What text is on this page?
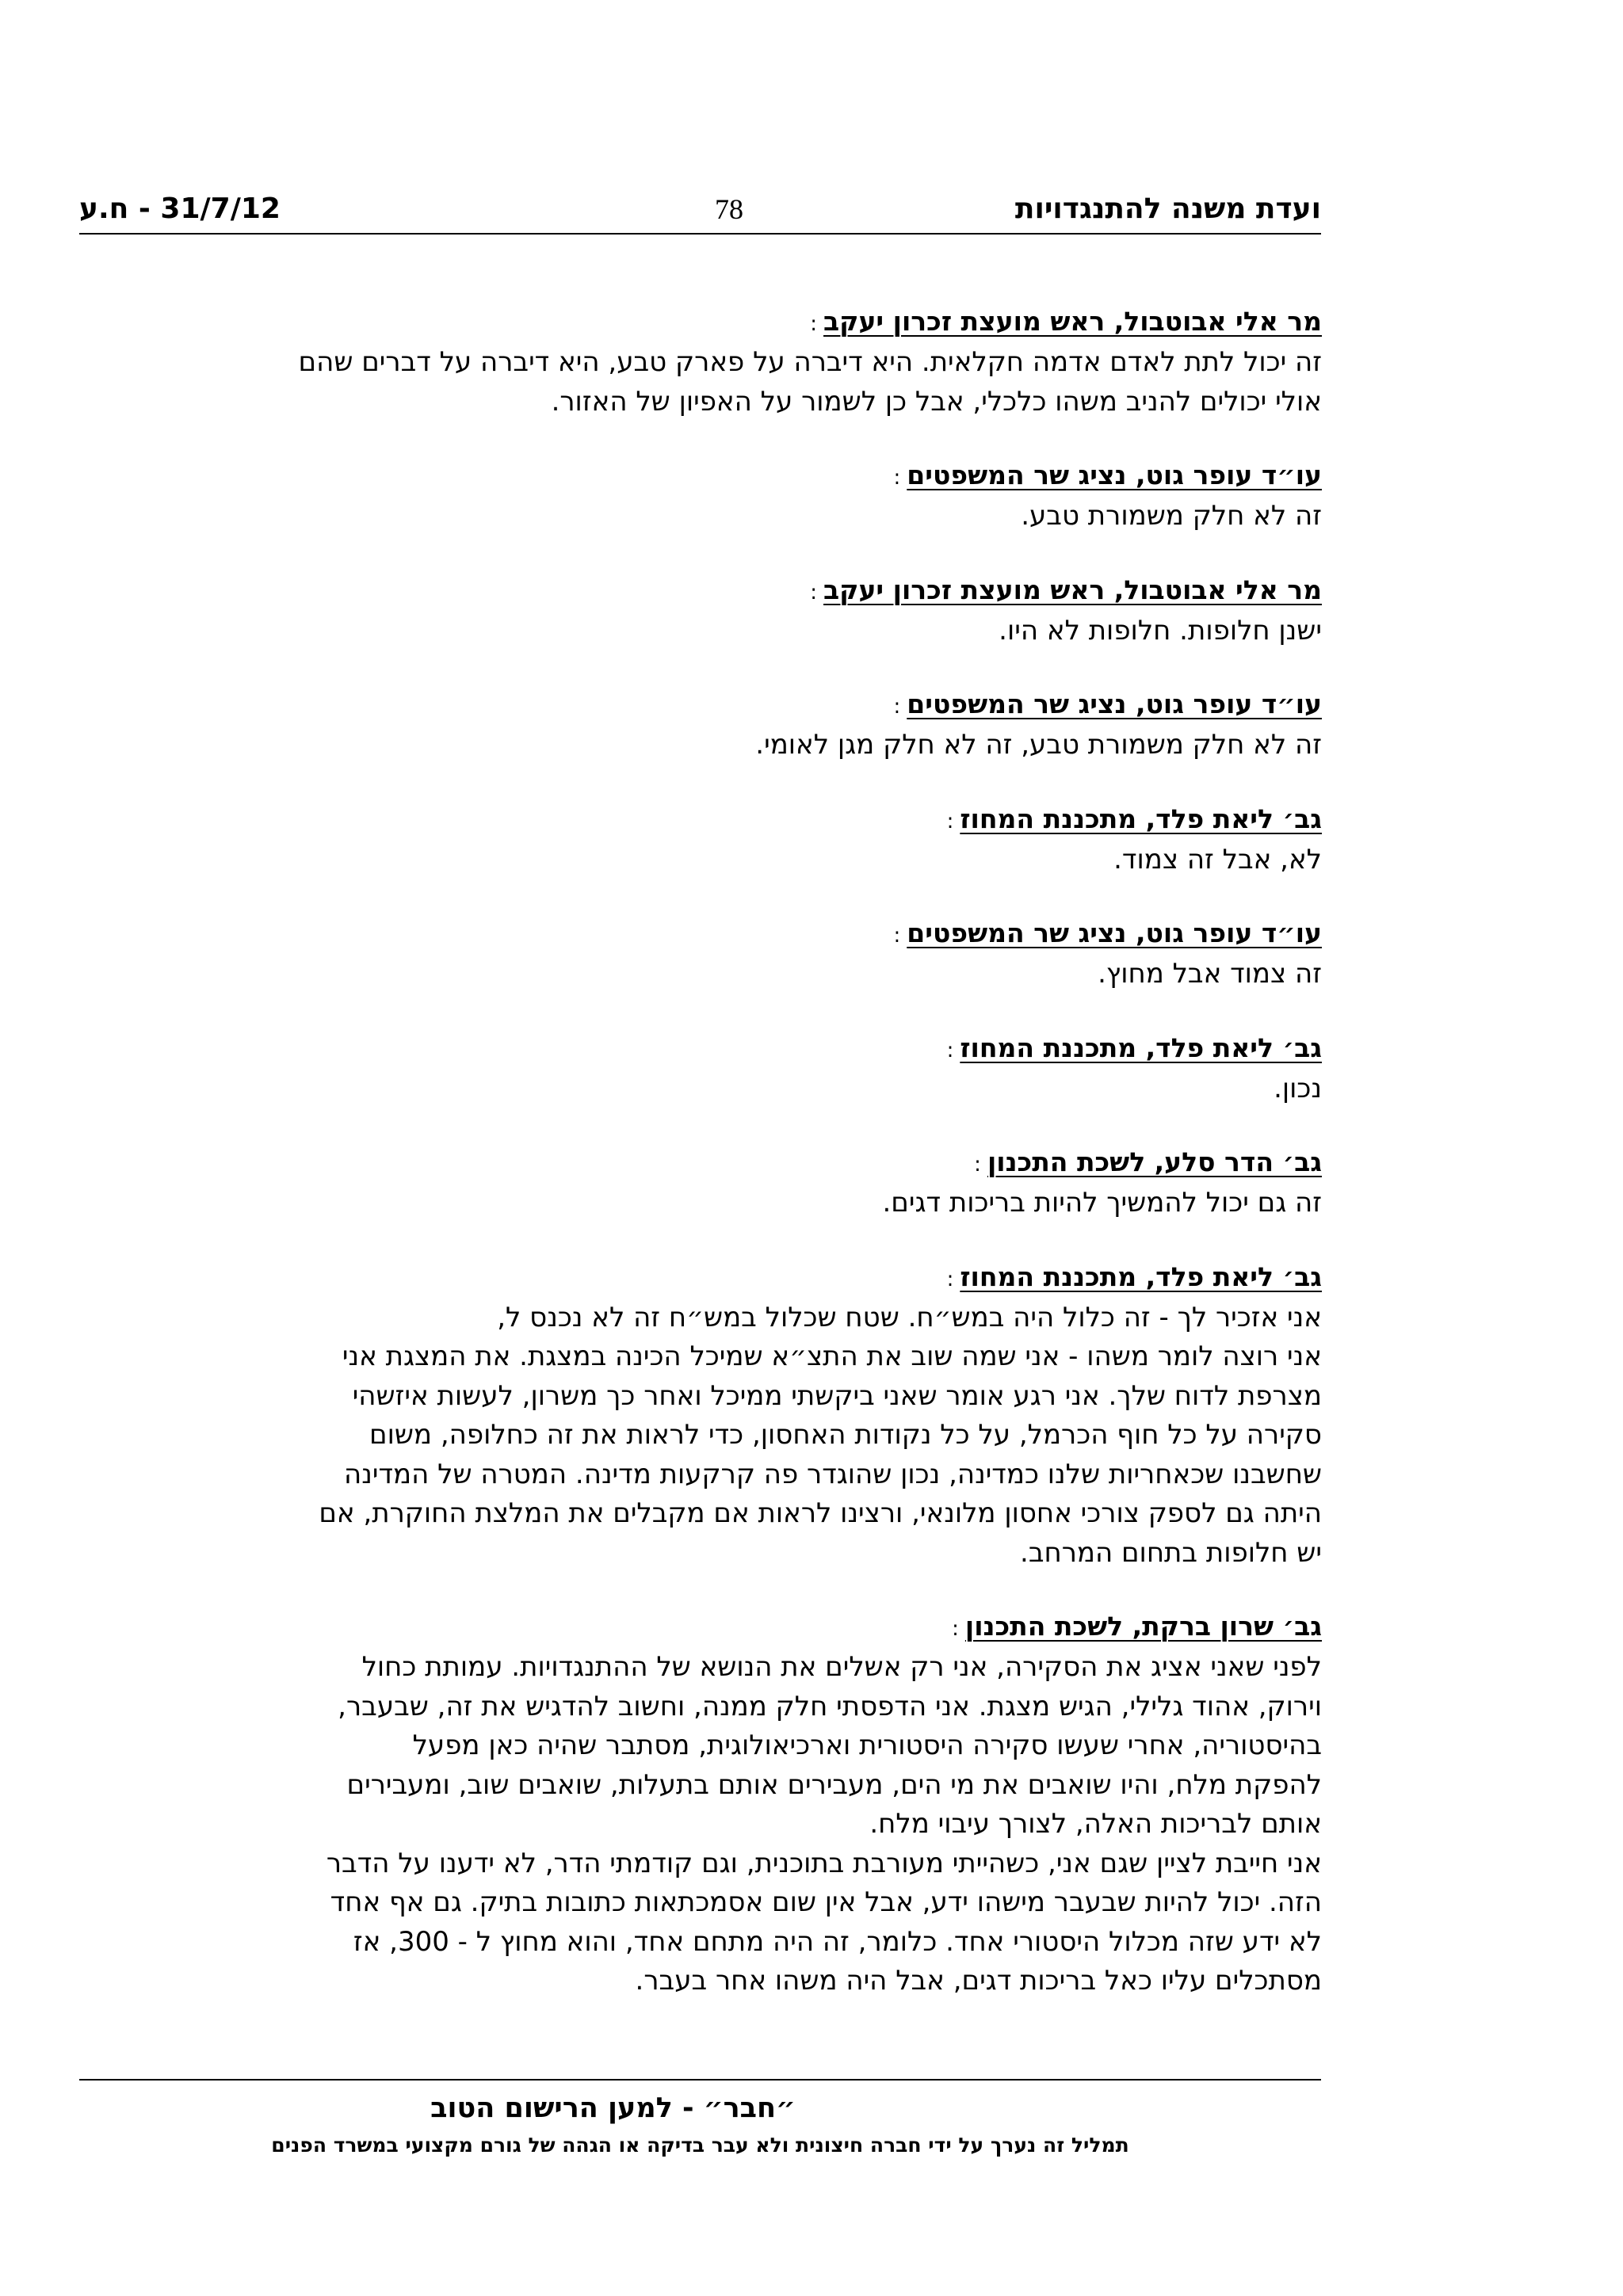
ועדת משנה להתנגדויות
78
31/7/12 - ח.ע
מר אלי אבוטבול, ראש מועצת זכרון יעקב:
זה יכול לתת לאדם אדמה חקלאית. היא דיברה על פארק טבע, היא דיברה על דברים שהם
אולי יכולים להניב משהו כלכלי, אבל כן לשמור על האפיון של האזור.
עו״ד עופר גוט, נציג שר המשפטים:
זה לא חלק משמורת טבע.
מר אלי אבוטבול, ראש מועצת זכרון יעקב:
ישנן חלופות. חלופות לא היו.
עו״ד עופר גוט, נציג שר המשפטים:
זה לא חלק משמורת טבע, זה לא חלק מגן לאומי.
גב׳ ליאת פלד, מתכננת המחוז:
לא, אבל זה צמוד.
עו״ד עופר גוט, נציג שר המשפטים:
זה צמוד אבל מחוץ.
גב׳ ליאת פלד, מתכננת המחוז:
נכון.
גב׳ הדר סלע, לשכת התכנון:
זה גם יכול להמשיך להיות בריכות דגים.
גב׳ ליאת פלד, מתכננת המחוז:
אני אזכיר לך - זה כלול היה במש״ח. שטח שכלול במש״ח זה לא נכנס ל,
אני רוצה לומר משהו - אני שמה שוב את התצ״א שמיכל הכינה במצגת. את המצגת אני
מצרפת לדוח שלך. אני רגע אומר שאני ביקשתי ממיכל ואחר כך משרון, לעשות איזשהי
סקירה על כל חוף הכרמל, על כל נקודות האחסון, כדי לראות את זה כחלופה, משום
שחשבנו שכאחריות שלנו כמדינה, נכון שהוגדר פה קרקעות מדינה. המטרה של המדינה
היתה גם לספק צורכי אחסון מלונאי, ורצינו לראות אם מקבלים את המלצת החוקרת, אם
יש חלופות בתחום המרחב.
גב׳ שרון ברקת, לשכת התכנון:
לפני שאני אציג את הסקירה, אני רק אשלים את הנושא של ההתנגדויות. עמותת כחול
וירוק, אהוד גלילי, הגיש מצגת. אני הדפסתי חלק ממנה, וחשוב להדגיש את זה, שבעבר,
בהיסטוריה, אחרי שעשו סקירה היסטורית וארכיאולוגית, מסתבר שהיה כאן מפעל
להפקת מלח, והיו שואבים את מי הים, מעבירים אותם בתעלות, שואבים שוב, ומעבירים
אותם לבריכות האלה, לצורך עיבוי מלח.
אני חייבת לציין שגם אני, כשהייתי מעורבת בתוכנית, וגם קודמתי הדר, לא ידענו על הדבר
הזה. יכול להיות שבעבר מישהו ידע, אבל אין שום אסמכתאות כתובות בתיק. גם אף אחד
לא ידע שזה מכלול היסטורי אחד. כלומר, זה היה מתחם אחד, והוא מחוץ ל - 300, אז
מסתכלים עליו כאל בריכות דגים, אבל היה משהו אחר בעבר.
״חבר״ - למען הרישום הטוב
תמליל זה נערך על ידי חברה חיצונית ולא עבר בדיקה או הגהה של גורם מקצועי במשרד הפנים
